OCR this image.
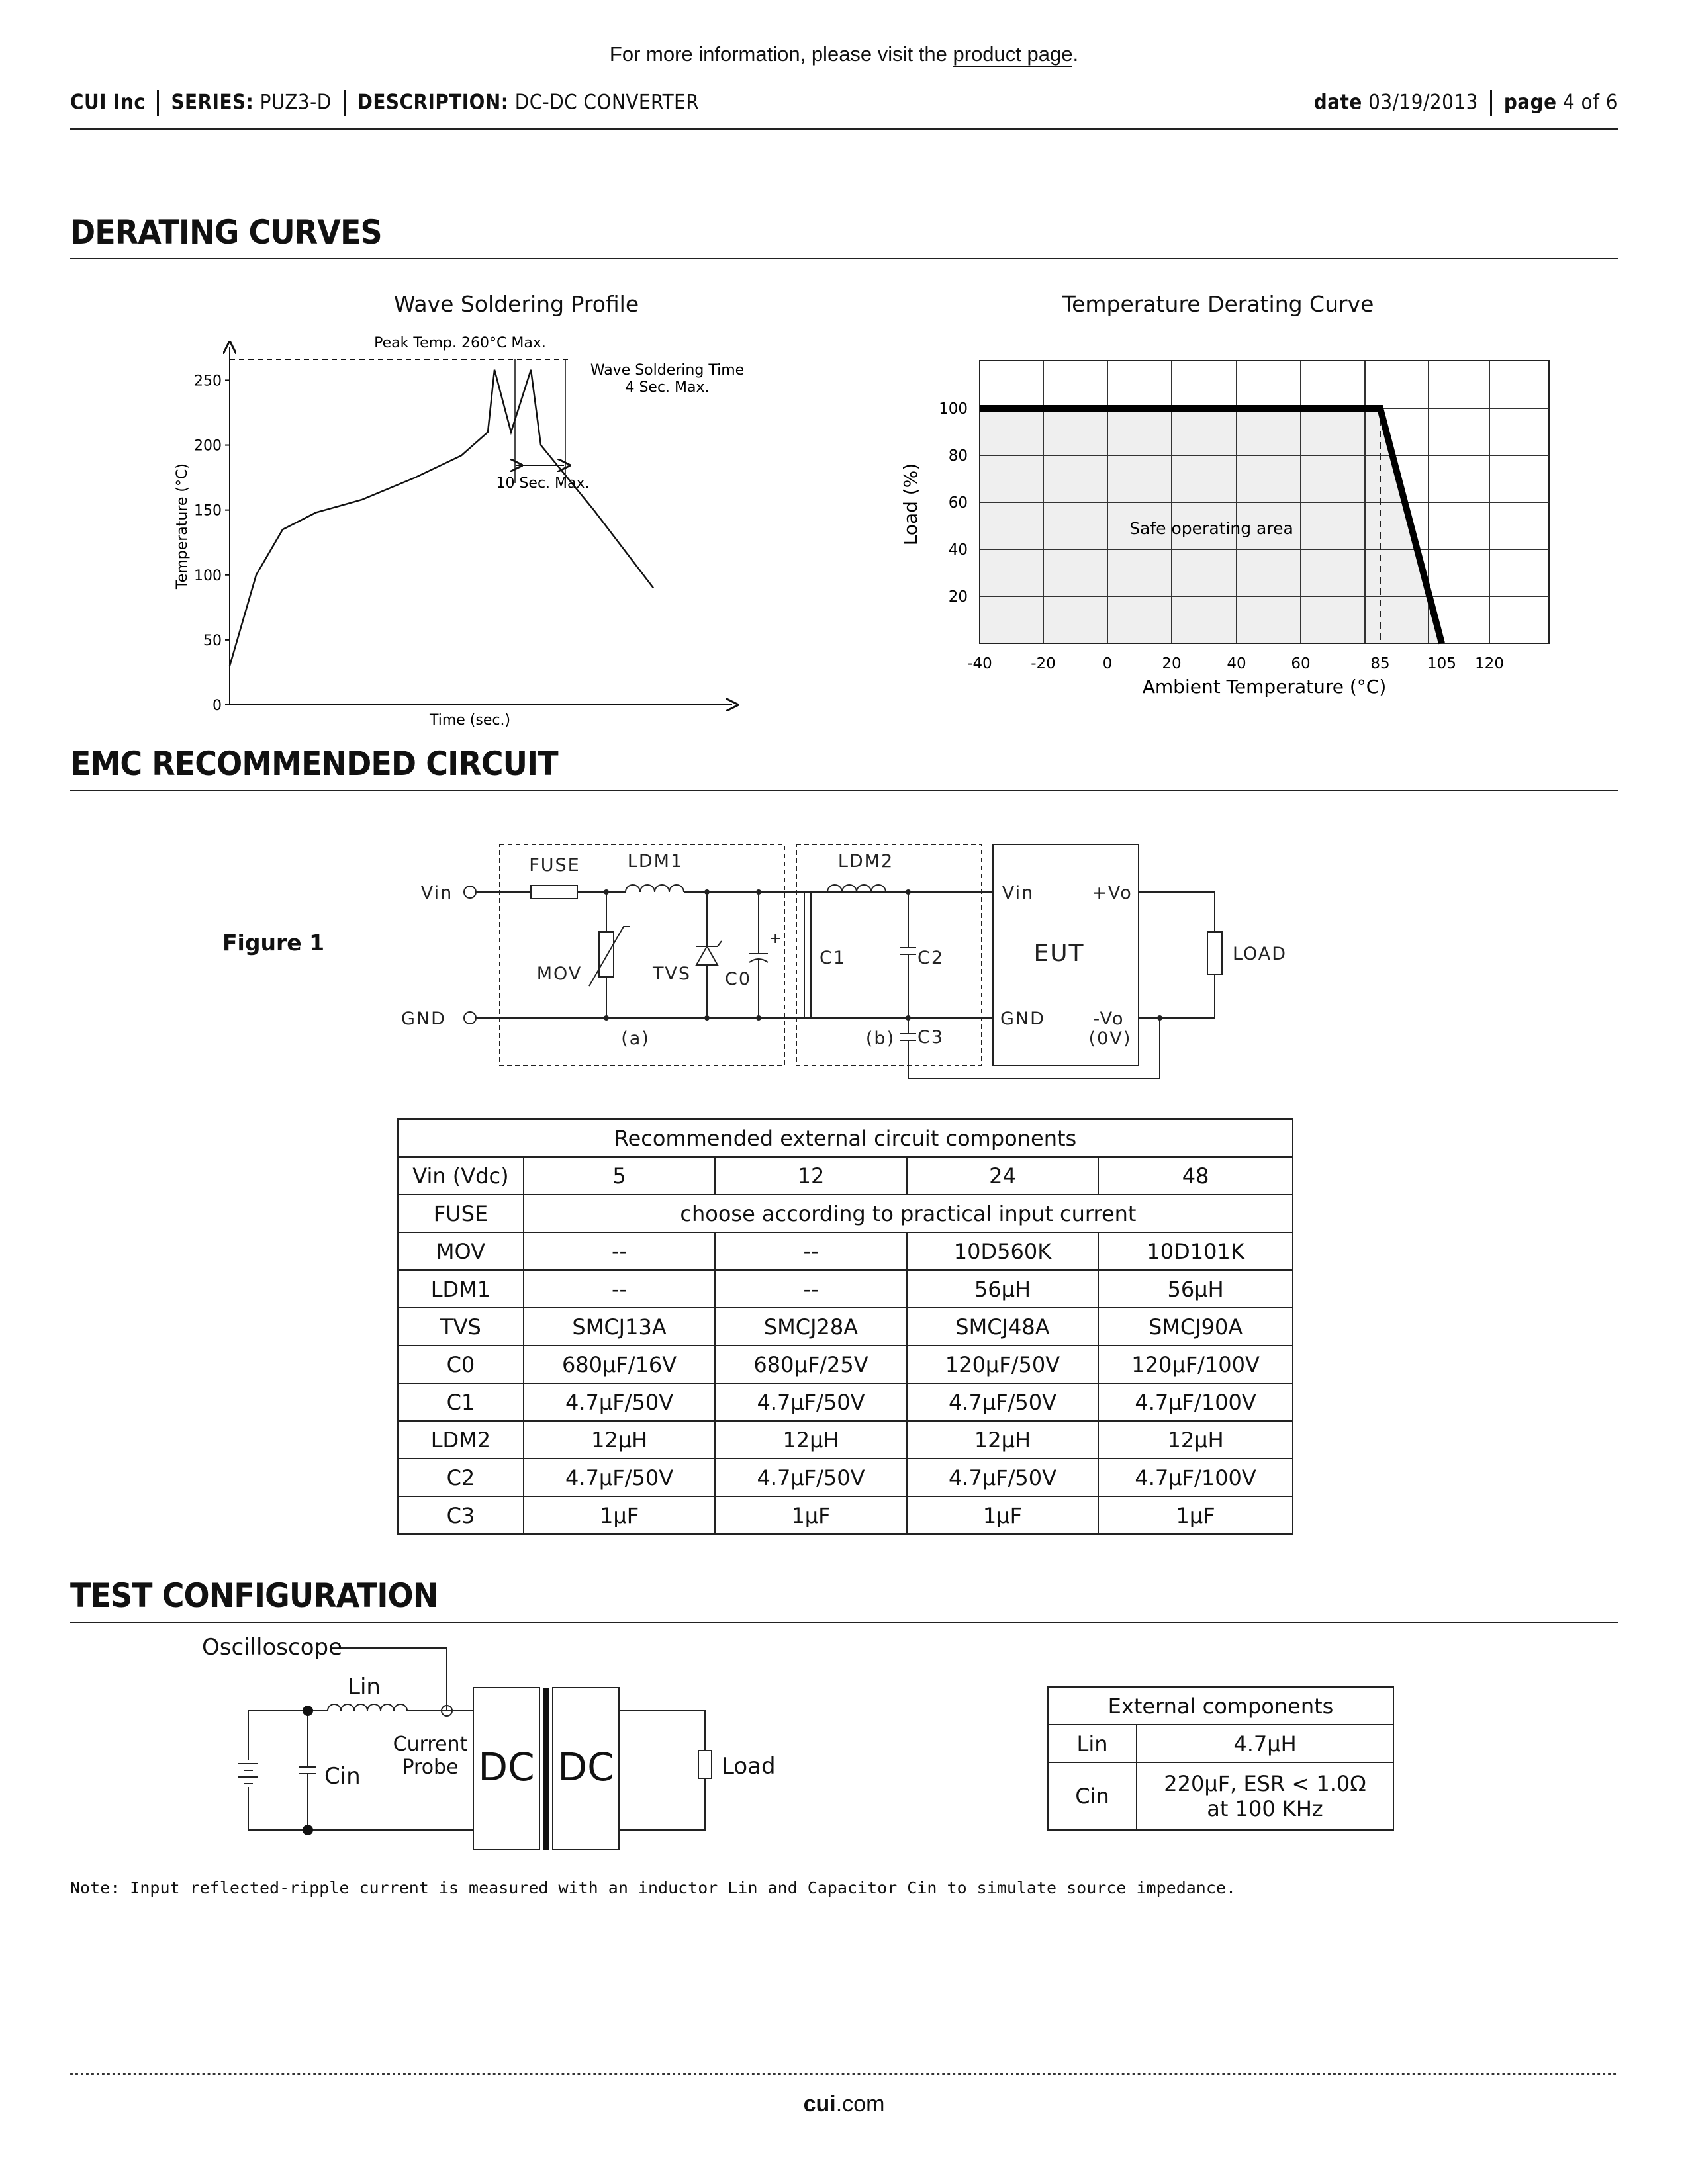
For more information, please visit the product page.
CUI Inc SERIES: PUZ3-D DESCRIPTION: DC-DC CONVERTER	date 03/19/2013 page 4 of 6
DERATING CURVES
Wave Soldering Profile	Temperature Derating Curve
0
50
100
150
200
250
Peak Temp. 260°C Max.
Wave Soldering Time
4 Sec. Max.
10 Sec. Max.
Time (sec.)
Temperature (°C)
-40	-20	0	20	40	60	85 105 120
20
40
60
80
100
Safe operating area
Ambient Temperature (°C)
Load (%)
EMC RECOMMENDED CIRCUIT
Figure 1
Vin
GND
FUSE	LDM1
MOV	TVS C0
+
C1
LDM2
C2
C3
(a)	(b)
Vin	+Vo
EUT
GND	-Vo
(0V)
LOAD
Recommended external circuit components				
Vin (Vdc)	5	12	24	48
FUSE	choose according to practical input current			
MOV	--	--	10D560K	10D101K
LDM1	--	--	56µH	56µH
TVS	SMCJ13A	SMCJ28A	SMCJ48A	SMCJ90A
C0	680µF/16V	680µF/25V	120µF/50V	120µF/100V
C1	4.7µF/50V	4.7µF/50V	4.7µF/50V	4.7µF/100V
LDM2	12µH	12µH	12µH	12µH
C2	4.7µF/50V	4.7µF/50V	4.7µF/50V	4.7µF/100V
C3	1µF	1µF	1µF	1µF
TEST CONFIGURATION
Oscilloscope
Lin
Cin
Current
Probe DC DC	Load
External components	
Lin	4.7µH
Cin	220µF, ESR < 1.0Ω
at 100 KHz
Note: Input reflected-ripple current is measured with an inductor Lin and Capacitor Cin to simulate source impedance.
cui.com
